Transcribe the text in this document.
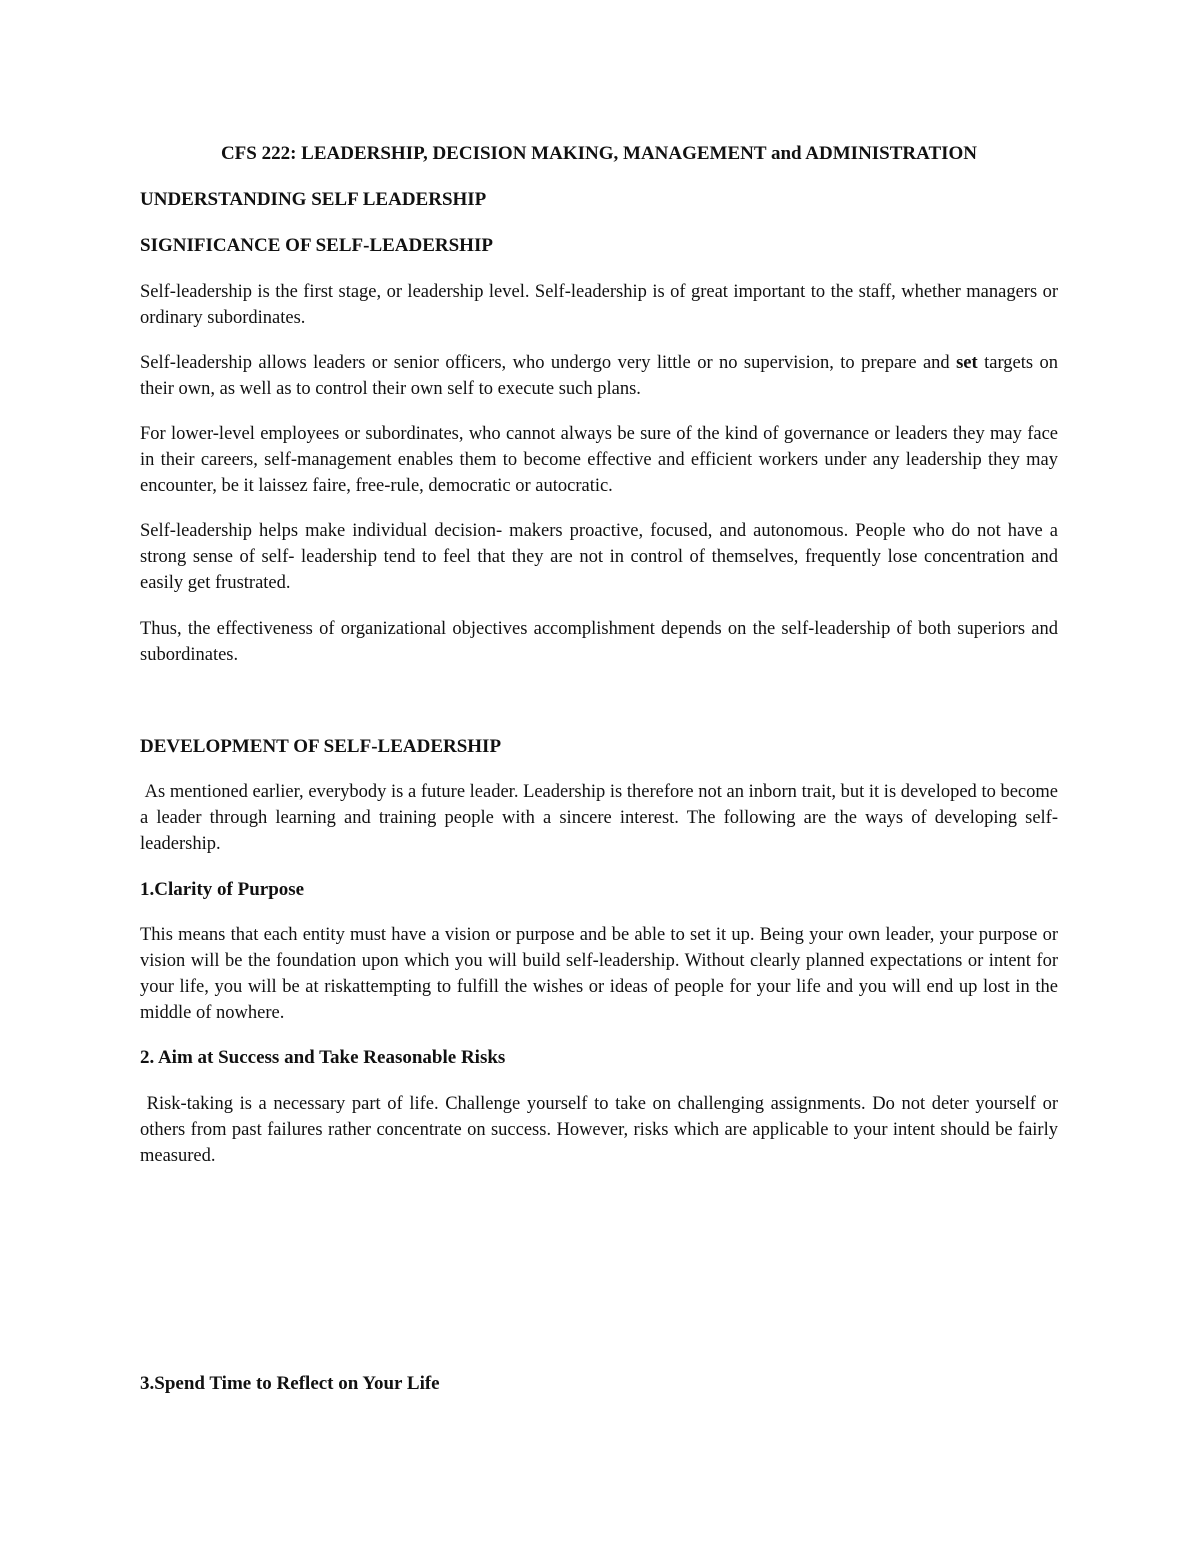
CFS 222: LEADERSHIP, DECISION MAKING, MANAGEMENT and ADMINISTRATION
UNDERSTANDING SELF LEADERSHIP
SIGNIFICANCE OF SELF-LEADERSHIP

Self-leadership is the first stage, or leadership level. Self-leadership is of great important to the staff, whether managers or ordinary subordinates.

Self-leadership allows leaders or senior officers, who undergo very little or no supervision, to prepare and set targets on their own, as well as to control their own self to execute such plans.

For lower-level employees or subordinates, who cannot always be sure of the kind of governance or leaders they may face in their careers, self-management enables them to become effective and efficient workers under any leadership they may encounter, be it laissez faire, free-rule, democratic or autocratic.

Self-leadership helps make individual decision- makers proactive, focused, and autonomous. People who do not have a strong sense of self- leadership tend to feel that they are not in control of themselves, frequently lose concentration and easily get frustrated.

Thus, the effectiveness of organizational objectives accomplishment depends on the self-leadership of both superiors and subordinates.

DEVELOPMENT OF SELF-LEADERSHIP

As mentioned earlier, everybody is a future leader. Leadership is therefore not an inborn trait, but it is developed to become a leader through learning and training people with a sincere interest. The following are the ways of developing self-leadership.

1.Clarity of Purpose

This means that each entity must have a vision or purpose and be able to set it up. Being your own leader, your purpose or vision will be the foundation upon which you will build self-leadership. Without clearly planned expectations or intent for your life, you will be at riskattempting to fulfill the wishes or ideas of people for your life and you will end up lost in the middle of nowhere.

2. Aim at Success and Take Reasonable Risks

Risk-taking is a necessary part of life. Challenge yourself to take on challenging assignments. Do not deter yourself or others from past failures rather concentrate on success. However, risks which are applicable to your intent should be fairly measured.

3.Spend Time to Reflect on Your Life
